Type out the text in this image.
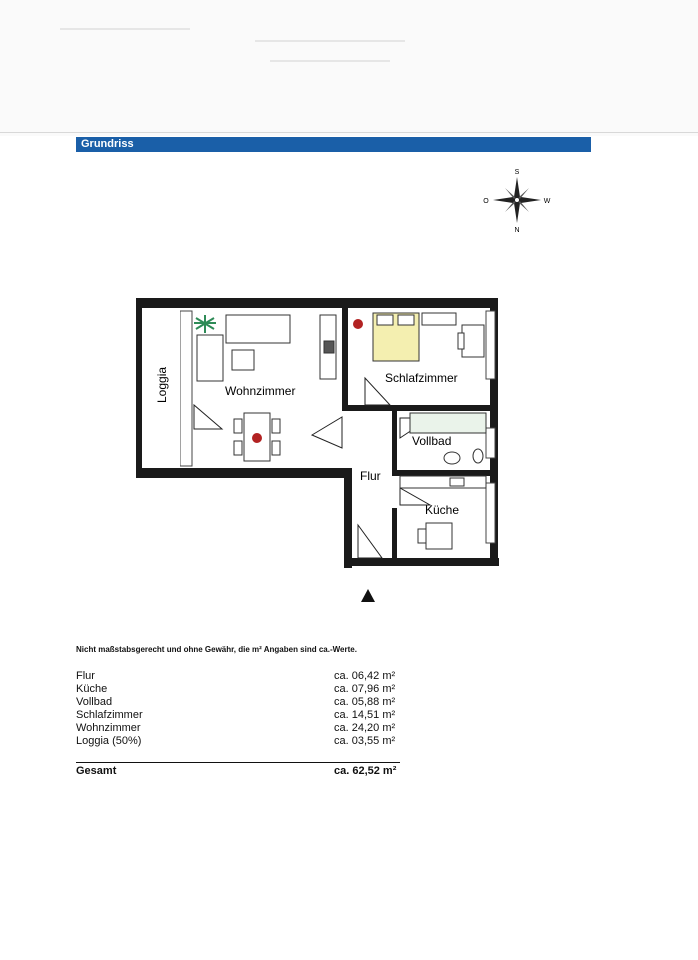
Grundriss
S
N
O	W
Loggia	Wohnzimmer
Schlafzimmer
Vollbad
Flur
Küche
Nicht maßstabsgerecht und ohne Gewähr, die m² Angaben sind ca.-Werte.
Flur	ca. 06,42 m²
Küche	ca. 07,96 m²
Vollbad	ca. 05,88 m²
Schlafzimmer	ca. 14,51 m²
Wohnzimmer	ca. 24,20 m²
Loggia (50%)	ca. 03,55 m²
Gesamt	ca. 62,52 m²
